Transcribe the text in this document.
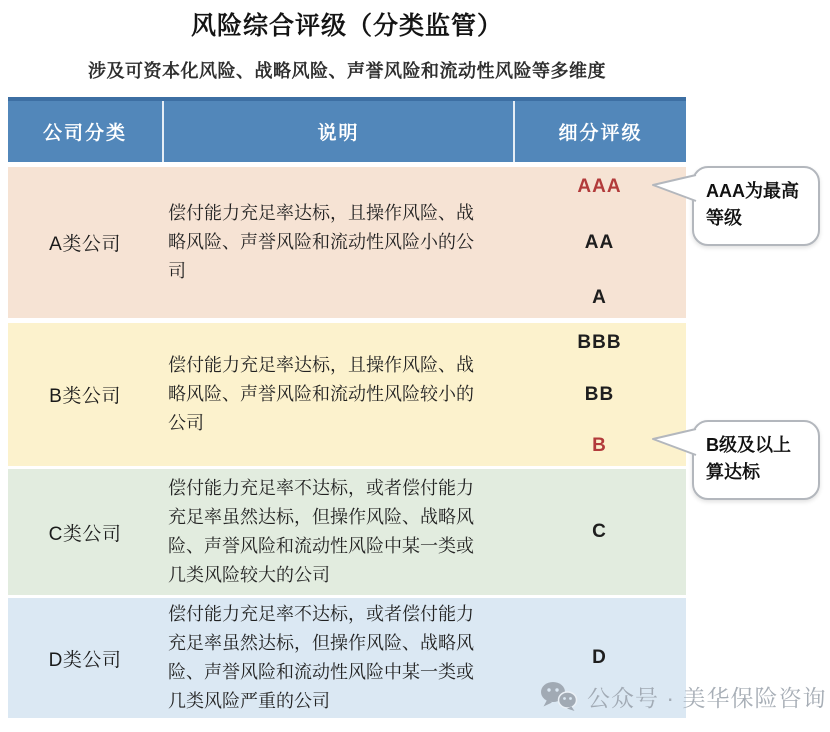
风险综合评级（分类监管）
涉及可资本化风险、战略风险、声誉风险和流动性风险等多维度
公司分类	说明	细分评级
A类公司
偿付能力充足率达标，且操作风险、战略风险、声誉风险和流动性风险小的公司
AAA
AA
A
B类公司
偿付能力充足率达标，且操作风险、战略风险、声誉风险和流动性风险较小的公司
BBB
BB
B
C类公司
偿付能力充足率不达标，或者偿付能力充足率虽然达标，但操作风险、战略风险、声誉风险和流动性风险中某一类或几类风险较大的公司
C
D类公司
偿付能力充足率不达标，或者偿付能力充足率虽然达标，但操作风险、战略风险、声誉风险和流动性风险中某一类或几类风险严重的公司
D
AAA为最高等级
B级及以上算达标
公众号 · 美华保险咨询
